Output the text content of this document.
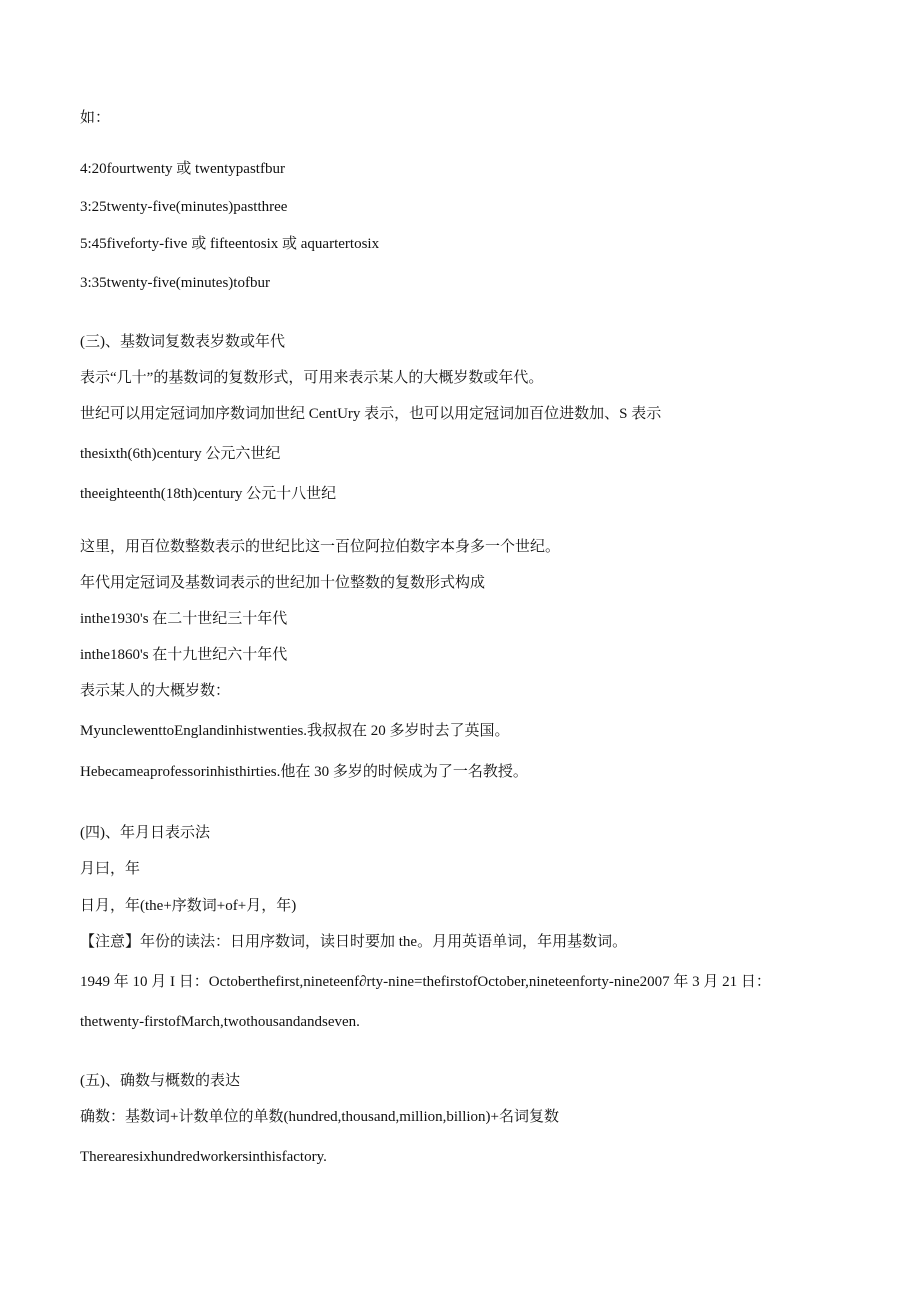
如：
4:20fourtwenty 或 twentypastfbur
3:25twenty-five(minutes)pastthree
5:45fiveforty-five 或 fifteentosix 或 aquartertosix
3:35twenty-five(minutes)tofbur
(三)、基数词复数表岁数或年代
表示“几十”的基数词的复数形式，可用来表示某人的大概岁数或年代。
世纪可以用定冠词加序数词加世纪 CentUry 表示，也可以用定冠词加百位进数加、S 表示
thesixth(6th)century 公元六世纪
theeighteenth(18th)century 公元十八世纪
这里，用百位数整数表示的世纪比这一百位阿拉伯数字本身多一个世纪。
年代用定冠词及基数词表示的世纪加十位整数的复数形式构成
inthe1930's 在二十世纪三十年代
inthe1860's 在十九世纪六十年代
表示某人的大概岁数：
MyunclewenttoEnglandinhistwenties.我叔叔在 20 多岁时去了英国。
Hebecameaprofessorinhisthirties.他在 30 多岁的时候成为了一名教授。
(四)、年月日表示法
月曰，年
日月，年(the+序数词+of+月，年)
【注意】年份的读法：日用序数词，读日时要加 the。月用英语单词，年用基数词。
1949 年 10 月 I 日：Octoberthefirst,nineteenf∂rty-nine=thefirstofOctober,nineteenforty-nine2007 年 3 月 21 日：
thetwenty-firstofMarch,twothousandandseven.
(五)、确数与概数的表达
确数：基数词+计数单位的单数(hundred,thousand,million,billion)+名词复数
Therearesixhundredworkersinthisfactory.
